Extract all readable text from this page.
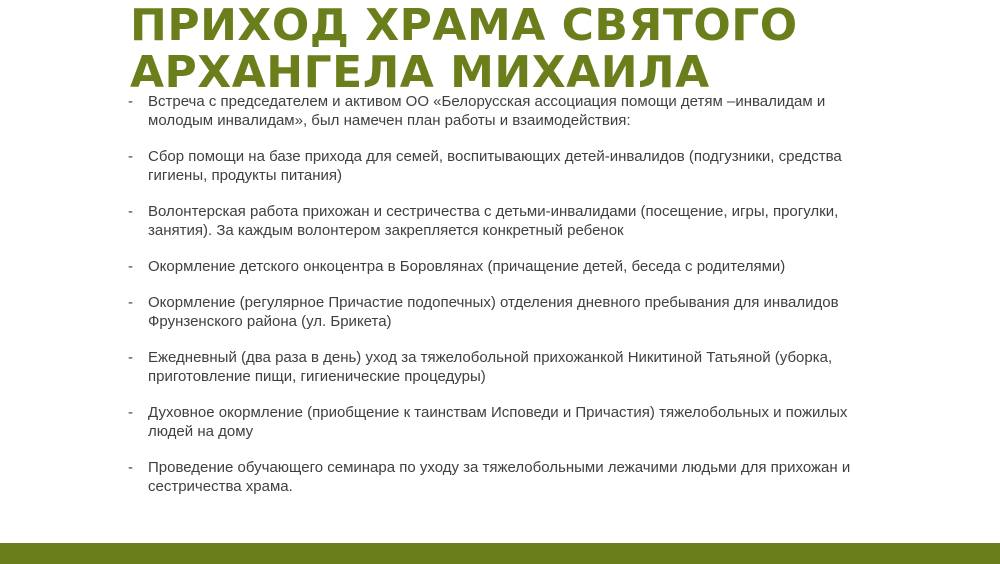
ПРИХОД ХРАМА СВЯТОГО
АРХАНГЕЛА МИХАИЛА
- Встреча с председателем и активом ОО «Белорусская ассоциация помощи детям –инвалидам и молодым инвалидам», был намечен план работы и взаимодействия:
- Сбор помощи на базе прихода для семей, воспитывающих детей-инвалидов (подгузники, средства гигиены, продукты питания)
- Волонтерская работа прихожан и сестричества с детьми-инвалидами (посещение, игры, прогулки, занятия). За каждым волонтером закрепляется конкретный ребенок
- Окормление детского онкоцентра в Боровлянах (причащение детей, беседа с родителями)
- Окормление (регулярное Причастие подопечных) отделения дневного пребывания для инвалидов Фрунзенского района (ул. Брикета)
- Ежедневный (два раза в день) уход за тяжелобольной прихожанкой Никитиной Татьяной (уборка, приготовление пищи, гигиенические процедуры)
- Духовное окормление (приобщение к таинствам Исповеди и Причастия) тяжелобольных и пожилых людей на дому
- Проведение обучающего семинара по уходу за тяжелобольными лежачими людьми для прихожан и сестричества храма.
